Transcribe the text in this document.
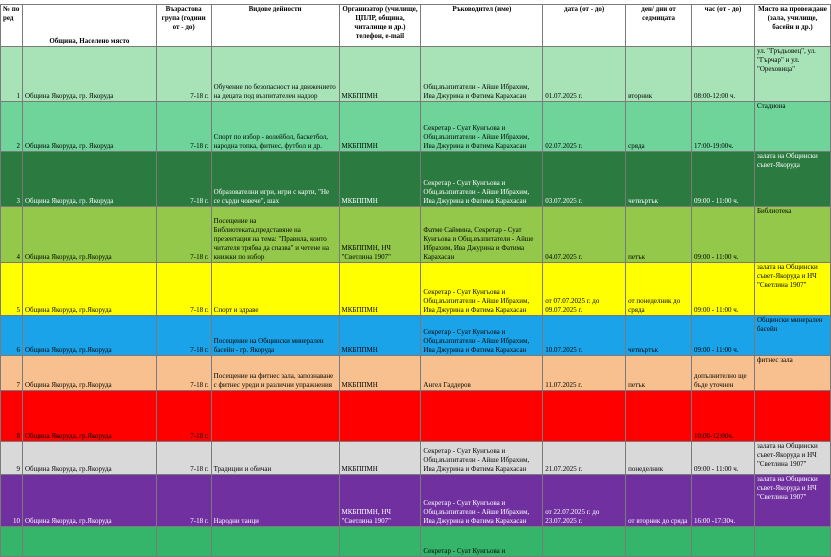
№ по ред	Община, Населено място	Възрастова група (години от - до)	Видове дейности	Организатор (училище, ЦПЛР, община, читалище и др.) телефон, e-mail	Ръководител (име)	дата (от - до)	ден/ дни от седмицата	час (от - до)	Място на провеждане (зала, училище, басейн и др.)
1	Община Якоруда, гр. Якоруда	7-18 г.	Обучение по безопасност на движението на децата под възпитателен надзор	МКБППМН	Общ.възпитатели - Айше Ибрахим, Ива Джурина и Фатима Карахасан	01.07.2025 г.	вторник	08:00-12:00 ч.	ул. "Гръдьовец", ул. "Гърчар" и ул. "Ореховица"
2	Община Якоруда, гр. Якоруда	7-18 г.	Спорт по избор - волейбол, баскетбол, народна топка, фитнес, футбол и др.	МКБППМН	Секретар - Суат Кунгьова и Общ.възпитатели - Айше Ибрахим, Ива Джурина и Фатима Карахасан	02.07.2025 г.	сряда	17:00-19:00ч.	Стадиона
3	Община Якоруда, гр. Якоруда	7-18 г.	Образователни игри, игри с карти, "Не се сърди човече", шах	МКБППМН	Секретар - Суат Кунгьова и Общ.възпитатели - Айше Ибрахим, Ива Джурина и Фатима Карахасан	03.07.2025 г.	четвъртък	09:00 - 11:00 ч.	залата на Общински съвет-Якоруда
4	Община Якоруда, гр.Якоруда	7-18 г.	Посещение на Библиотеката,представяне на презентация на тема: "Правила, които читателя трябва да спазва" и четене на книжки по избор	МКБППМН, НЧ "Светлина 1907"	Фатме Саймина, Секретар - Суат Кунгьова и Общ.възпитатели - Айше Ибрахим, Ива Джурина и Фатима Карахасан	04.07.2025 г.	петък	09:00 - 11:00 ч.	Библиотека
5	Община Якоруда, гр.Якоруда	7-18 г.	Спорт и здраве	МКБППМН	Секретар - Суат Кунгьова и Общ.възпитатели - Айше Ибрахим, Ива Джурина и Фатима Карахасан	от 07.07.2025 г. до 09.07.2025 г.	от понеделник до сряда	09:00 - 11:00 ч.	залата на Общински съвет-Якоруда и НЧ "Светлина 1907"
6	Община Якоруда, гр.Якоруда	7-18 г.	Посещение на Общински минерален басейн - гр. Якоруда	МКБППМН	Секретар - Суат Кунгьова и Общ.възпитатели - Айше Ибрахим, Ива Джурина и Фатима Карахасан	10.07.2025 г.	четвъртък	09:00 - 11:00 ч.	Общински минерален басейн
7	Община Якоруда, гр.Якоруда	7-18 г.	Посещение на фитнес зала, запознаване с фитнес уреди и различни упражнения	МКБППМН	Ангел Гаддеров	11.07.2025 г.	петък	допълнително ще бъде уточнен	фитнес зала
8	Община Якоруда, гр.Якоруда	7-18 г.						10:00-12:00ч.	
9	Община Якоруда, гр.Якоруда	7-18 г.	Традиции и обичаи	МКБППМН	Секретар - Суат Кунгьова и Общ.възпитатели - Айше Ибрахим, Ива Джурина и Фатима Карахасан	21.07.2025 г.	понеделник	09:00 - 11:00 ч.	залата на Общински съвет-Якоруда и НЧ "Светлина 1907"
10	Община Якоруда, гр.Якоруда	7-18 г.	Народни танци	МКБППМН, НЧ "Светлина 1907"	Секретар - Суат Кунгьова и Общ.възпитатели - Айше Ибрахим, Ива Джурина и Фатима Карахасан	от 22.07.2025 г. до 23.07.2025 г.	от вторник до сряда	16:00 -17:30ч.	залата на Общински съвет-Якоруда и НЧ "Светлина 1907"
					Секретар - Суат Кунгьова и				
